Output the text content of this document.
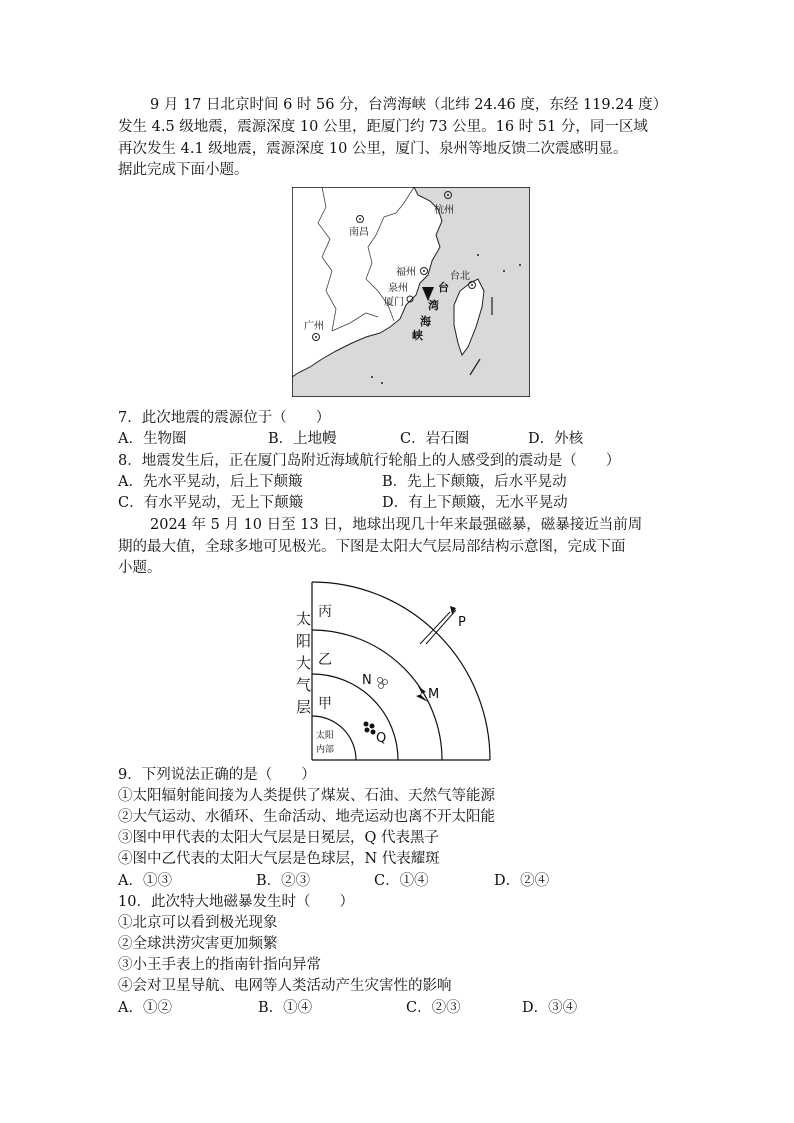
9 月 17 日北京时间 6 时 56 分，台湾海峡（北纬 24.46 度，东经 119.24 度）
发生 4.5 级地震，震源深度 10 公里，距厦门约 73 公里。16 时 51 分，同一区域
再次发生 4.1 级地震，震源深度 10 公里，厦门、泉州等地反馈二次震感明显。
据此完成下面小题。
杭州
南昌
福州
泉州
厦门
台北
广州
台
湾
海
峡
7．此次地震的震源位于（　　）
A．生物圈	B．上地幔	C．岩石圈	D．外核
8．地震发生后，正在厦门岛附近海域航行轮船上的人感受到的震动是（　　）
A．先水平晃动，后上下颠簸	B．先上下颠簸，后水平晃动
C．有水平晃动，无上下颠簸	D．有上下颠簸，无水平晃动
2024 年 5 月 10 日至 13 日，地球出现几十年来最强磁暴，磁暴接近当前周
期的最大值，全球多地可见极光。下图是太阳大气层局部结构示意图，完成下面
小题。
太
阳
大
气
层
丙
乙
甲
太阳
内部
P
N
M
Q
9．下列说法正确的是（　　）
①太阳辐射能间接为人类提供了煤炭、石油、天然气等能源
②大气运动、水循环、生命活动、地壳运动也离不开太阳能
③图中甲代表的太阳大气层是日冕层，Q 代表黑子
④图中乙代表的太阳大气层是色球层，N 代表耀斑
A．①③	B．②③	C．①④	D．②④
10．此次特大地磁暴发生时（　　）
①北京可以看到极光现象
②全球洪涝灾害更加频繁
③小王手表上的指南针指向异常
④会对卫星导航、电网等人类活动产生灾害性的影响
A．①②	B．①④	C．②③	D．③④
